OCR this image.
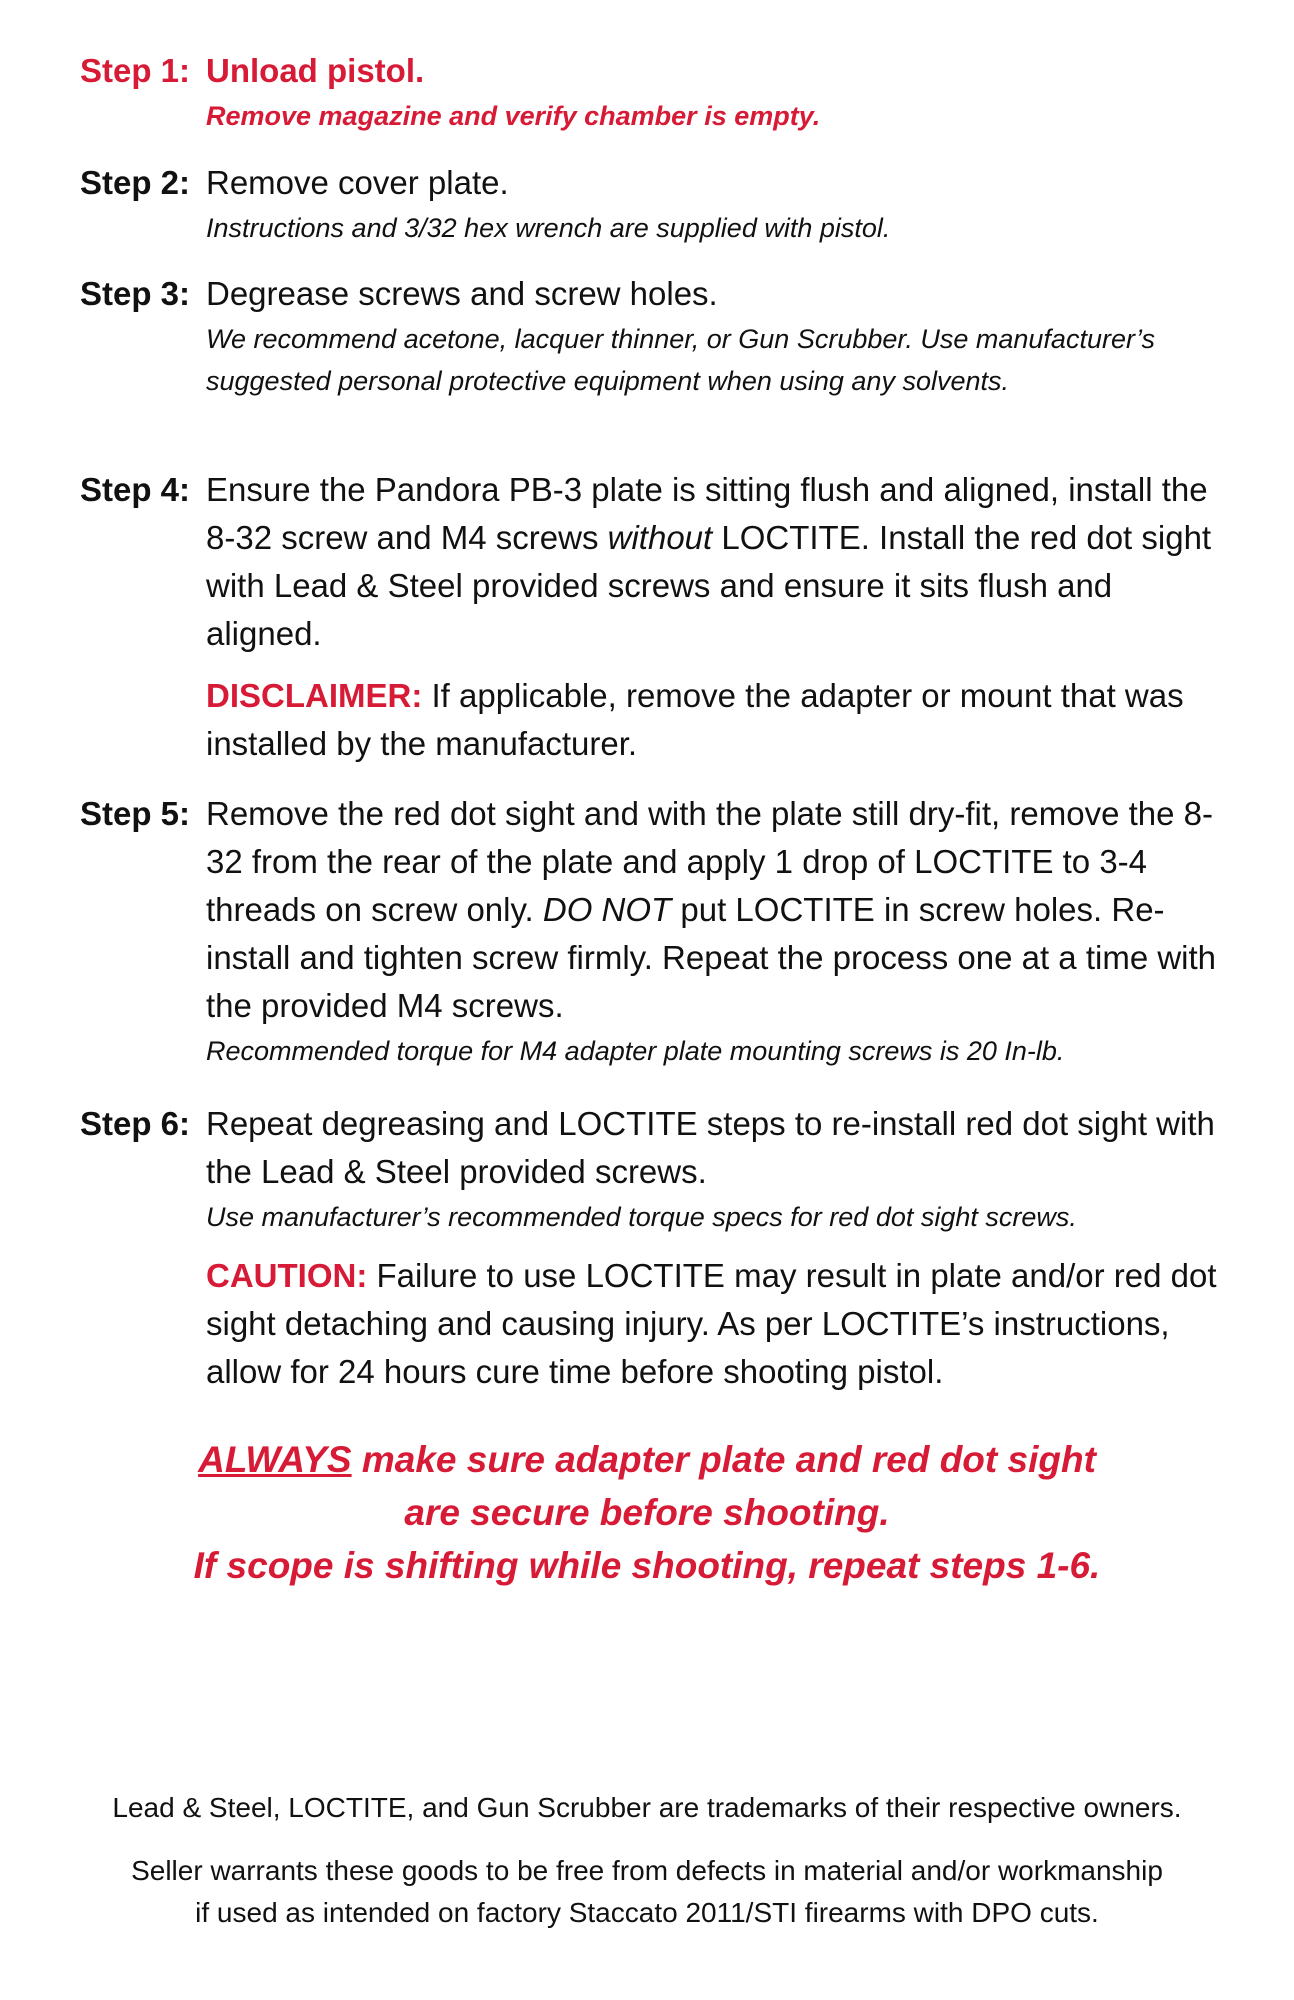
Step 1: Unload pistol.
Remove magazine and verify chamber is empty.
Step 2: Remove cover plate.
Instructions and 3/32 hex wrench are supplied with pistol.
Step 3: Degrease screws and screw holes.
We recommend acetone, lacquer thinner, or Gun Scrubber. Use manufacturer’s suggested personal protective equipment when using any solvents.
Step 4: Ensure the Pandora PB-3 plate is sitting flush and aligned, install the 8-32 screw and M4 screws without LOCTITE. Install the red dot sight with Lead & Steel provided screws and ensure it sits flush and aligned.
DISCLAIMER: If applicable, remove the adapter or mount that was installed by the manufacturer.
Step 5: Remove the red dot sight and with the plate still dry-fit, remove the 8-32 from the rear of the plate and apply 1 drop of LOCTITE to 3-4 threads on screw only. DO NOT put LOCTITE in screw holes. Re-install and tighten screw firmly. Repeat the process one at a time with the provided M4 screws.
Recommended torque for M4 adapter plate mounting screws is 20 In-lb.
Step 6: Repeat degreasing and LOCTITE steps to re-install red dot sight with the Lead & Steel provided screws.
Use manufacturer’s recommended torque specs for red dot sight screws.
CAUTION: Failure to use LOCTITE may result in plate and/or red dot sight detaching and causing injury. As per LOCTITE’s instructions, allow for 24 hours cure time before shooting pistol.
ALWAYS make sure adapter plate and red dot sight
are secure before shooting.
If scope is shifting while shooting, repeat steps 1-6.
Lead & Steel, LOCTITE, and Gun Scrubber are trademarks of their respective owners.
Seller warrants these goods to be free from defects in material and/or workmanship
if used as intended on factory Staccato 2011/STI firearms with DPO cuts.
